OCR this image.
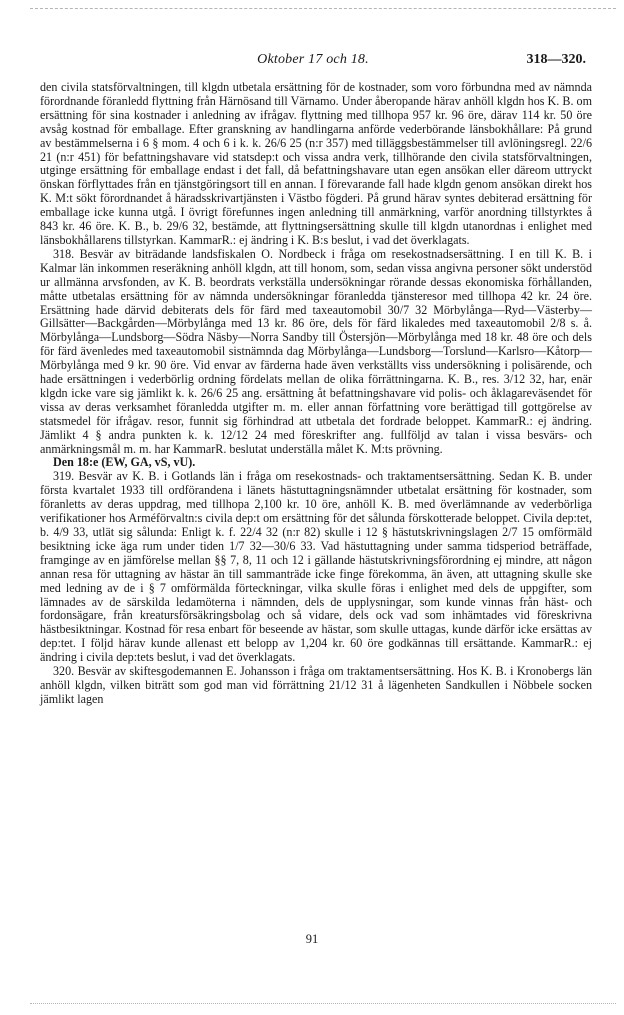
Oktober 17 och 18.	318—320.

den civila statsförvaltningen, till klgdn utbetala ersättning för de kostnader, som voro förbundna med av nämnda förordnande föranledd flyttning från Härnösand till Värnamo. Under åberopande härav anhöll klgdn hos K. B. om ersättning för sina kostnader i anledning av ifrågav. flyttning med tillhopa 957 kr. 96 öre, därav 114 kr. 50 öre avsåg kostnad för emballage. Efter granskning av handlingarna anförde vederbörande länsbokhållare: På grund av bestämmelserna i 6 § mom. 4 och 6 i k. k. 26/6 25 (n:r 357) med tilläggsbestämmelser till avlöningsregl. 22/6 21 (n:r 451) för befattningshavare vid statsdep:t och vissa andra verk, tillhörande den civila statsförvaltningen, utginge ersättning för emballage endast i det fall, då befattningshavare utan egen ansökan eller däreom uttryckt önskan förflyttades från en tjänstgöringsort till en annan. I förevarande fall hade klgdn genom ansökan direkt hos K. M:t sökt förordnandet å häradsskrivartjänsten i Västbo fögderi. På grund härav syntes debiterad ersättning för emballage icke kunna utgå. I övrigt förefunnes ingen anledning till anmärkning, varför anordning tillstyrktes å 843 kr. 46 öre. K. B., b. 29/6 32, bestämde, att flyttningsersättning skulle till klgdn utanordnas i enlighet med länsbokhållarens tillstyrkan. KammarR.: ej ändring i K. B:s beslut, i vad det överklagats.

318. Besvär av biträdande landsfiskalen O. Nordbeck i fråga om resekostnadsersättning. I en till K. B. i Kalmar län inkommen reseräkning anhöll klgdn, att till honom, som, sedan vissa angivna personer sökt understöd ur allmänna arvsfonden, av K. B. beordrats verkställa undersökningar rörande dessas ekonomiska förhållanden, måtte utbetalas ersättning för av nämnda undersökningar föranledda tjänsteresor med tillhopa 42 kr. 24 öre. Ersättning hade därvid debiterats dels för färd med taxeautomobil 30/7 32 Mörbylånga—Ryd—Västerby—Gillsätter—Backgården—Mörbylånga med 13 kr. 86 öre, dels för färd likaledes med taxeautomobil 2/8 s. å. Mörbylånga—Lundsborg—Södra Näsby—Norra Sandby till Östersjön—Mörbylånga med 18 kr. 48 öre och dels för färd ävenledes med taxeautomobil sistnämnda dag Mörbylånga—Lundsborg—Torslund—Karlsro—Kåtorp—Mörbylånga med 9 kr. 90 öre. Vid envar av färderna hade även verkställts viss undersökning i polisärende, och hade ersättningen i vederbörlig ordning fördelats mellan de olika förrättningarna. K. B., res. 3/12 32, har, enär klgdn icke vare sig jämlikt k. k. 26/6 25 ang. ersättning åt befattningshavare vid polis- och åklagareväsendet för vissa av deras verksamhet föranledda utgifter m. m. eller annan författning vore berättigad till gottgörelse av statsmedel för ifrågav. resor, funnit sig förhindrad att utbetala det fordrade beloppet. KammarR.: ej ändring. Jämlikt 4 § andra punkten k. k. 12/12 24 med föreskrifter ang. fullföljd av talan i vissa besvärs- och anmärkningsmål m. m. har KammarR. beslutat underställa målet K. M:ts prövning.

Den 18:e (EW, GA, vS, vU).

319. Besvär av K. B. i Gotlands län i fråga om resekostnads- och traktamentsersättning. Sedan K. B. under första kvartalet 1933 till ordförandena i länets hästuttagningsnämnder utbetalat ersättning för kostnader, som föranletts av deras uppdrag, med tillhopa 2,100 kr. 10 öre, anhöll K. B. med överlämnande av vederbörliga verifikationer hos Arméförvaltn:s civila dep:t om ersättning för det sålunda förskotterade beloppet. Civila dep:tet, b. 4/9 33, utlät sig sålunda: Enligt k. f. 22/4 32 (n:r 82) skulle i 12 § hästutskrivningslagen 2/7 15 omförmäld besiktning icke äga rum under tiden 1/7 32—30/6 33. Vad hästuttagning under samma tidsperiod beträffade, framginge av en jämförelse mellan §§ 7, 8, 11 och 12 i gällande hästutskrivningsförordning ej mindre, att någon annan resa för uttagning av hästar än till sammanträde icke finge förekomma, än även, att uttagning skulle ske med ledning av de i § 7 omförmälda förteckningar, vilka skulle föras i enlighet med dels de uppgifter, som lämnades av de särskilda ledamöterna i nämnden, dels de upplysningar, som kunde vinnas från häst- och fordonsägare, från kreatursförsäkringsbolag och så vidare, dels ock vad som inhämtades vid föreskrivna hästbesiktningar. Kostnad för resa enbart för beseende av hästar, som skulle uttagas, kunde därför icke ersättas av dep:tet. I följd härav kunde allenast ett belopp av 1,204 kr. 60 öre godkännas till ersättande. KammarR.: ej ändring i civila dep:tets beslut, i vad det överklagats.

320. Besvär av skiftesgodemannen E. Johansson i fråga om traktamentsersättning. Hos K. B. i Kronobergs län anhöll klgdn, vilken biträtt som god man vid förrättning 21/12 31 å lägenheten Sandkullen i Nöbbele socken jämlikt lagen

91
